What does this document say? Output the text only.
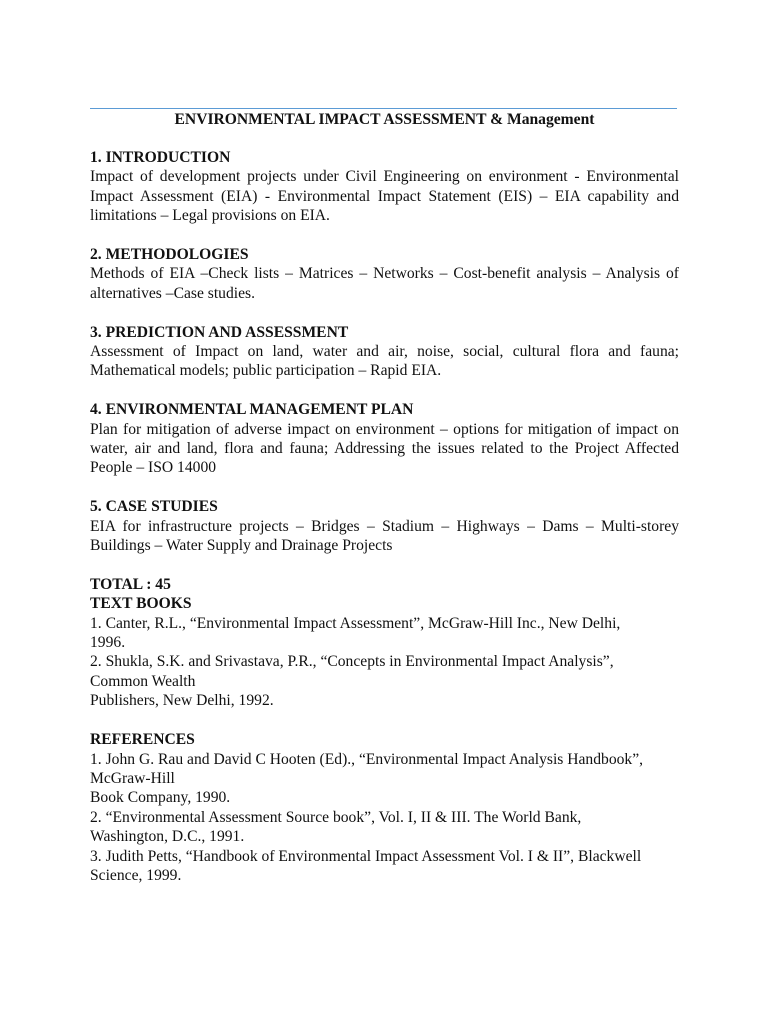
ENVIRONMENTAL IMPACT ASSESSMENT & Management
1. INTRODUCTION

Impact of development projects under Civil Engineering on environment - Environmental Impact Assessment (EIA) - Environmental Impact Statement (EIS) – EIA capability and limitations – Legal provisions on EIA.

2. METHODOLOGIES

Methods of EIA –Check lists – Matrices – Networks – Cost-benefit analysis – Analysis of alternatives –Case studies.

3. PREDICTION AND ASSESSMENT

Assessment of Impact on land, water and air, noise, social, cultural flora and fauna; Mathematical models; public participation – Rapid EIA.

4. ENVIRONMENTAL MANAGEMENT PLAN

Plan for mitigation of adverse impact on environment – options for mitigation of impact on water, air and land, flora and fauna; Addressing the issues related to the Project Affected People – ISO 14000

5. CASE STUDIES

EIA for infrastructure projects – Bridges – Stadium – Highways – Dams – Multi-storey Buildings – Water Supply and Drainage Projects

TOTAL : 45

TEXT BOOKS
1. Canter, R.L., “Environmental Impact Assessment”, McGraw-Hill Inc., New Delhi,
1996.
2. Shukla, S.K. and Srivastava, P.R., “Concepts in Environmental Impact Analysis”,
Common Wealth
Publishers, New Delhi, 1992.
REFERENCES
1. John G. Rau and David C Hooten (Ed)., “Environmental Impact Analysis Handbook”,
McGraw-Hill
Book Company, 1990.
2. “Environmental Assessment Source book”, Vol. I, II & III. The World Bank,
Washington, D.C., 1991.
3. Judith Petts, “Handbook of Environmental Impact Assessment Vol. I & II”, Blackwell
Science, 1999.
